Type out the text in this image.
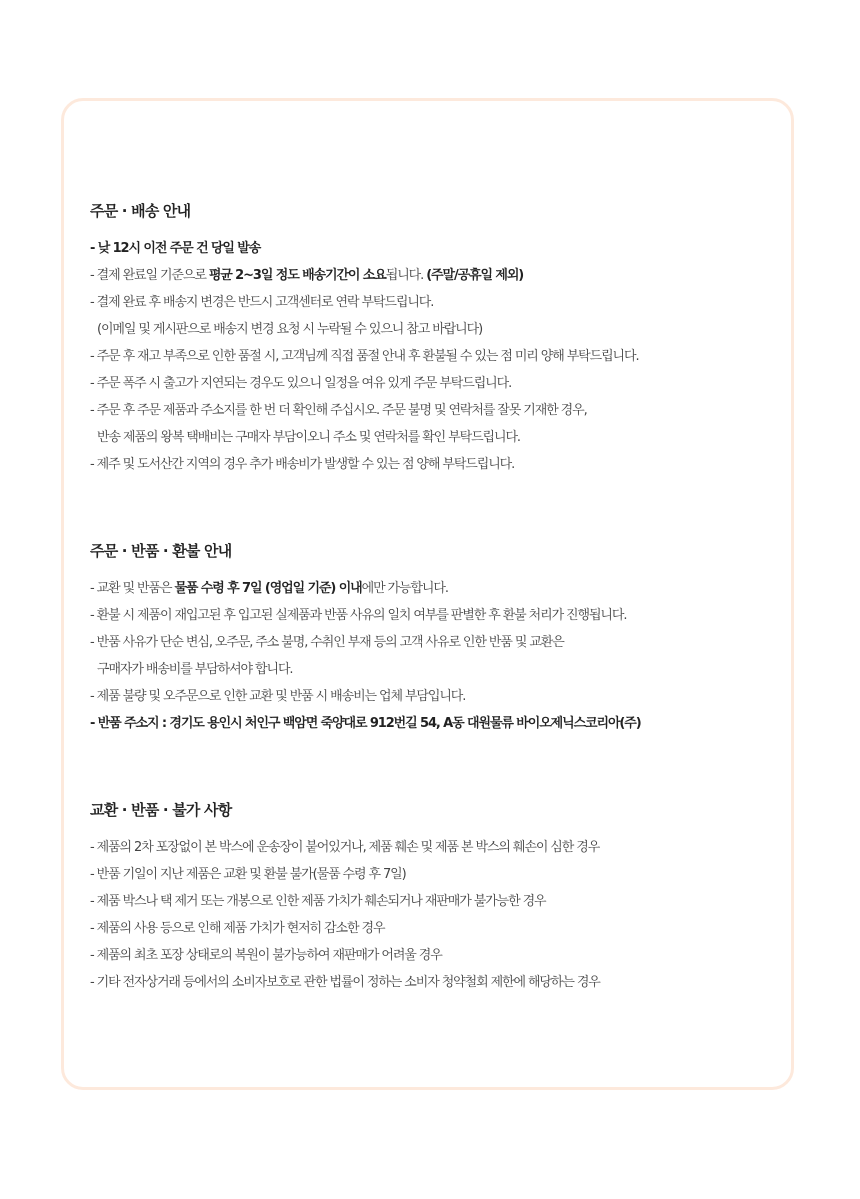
주문 · 배송 안내
- 낮 12시 이전 주문 건 당일 발송
- 결제 완료일 기준으로 평균 2~3일 정도 배송기간이 소요됩니다. (주말/공휴일 제외)
- 결제 완료 후 배송지 변경은 반드시 고객센터로 연락 부탁드립니다.
(이메일 및 게시판으로 배송지 변경 요청 시 누락될 수 있으니 참고 바랍니다)
- 주문 후 재고 부족으로 인한 품절 시, 고객님께 직접 품절 안내 후 환불될 수 있는 점 미리 양해 부탁드립니다.
- 주문 폭주 시 출고가 지연되는 경우도 있으니 일정을 여유 있게 주문 부탁드립니다.
- 주문 후 주문 제품과 주소지를 한 번 더 확인해 주십시오. 주문 불명 및 연락처를 잘못 기재한 경우,
반송 제품의 왕복 택배비는 구매자 부담이오니 주소 및 연락처를 확인 부탁드립니다.
- 제주 및 도서산간 지역의 경우 추가 배송비가 발생할 수 있는 점 양해 부탁드립니다.
주문 · 반품 · 환불 안내
- 교환 및 반품은 물품 수령 후 7일 (영업일 기준) 이내에만 가능합니다.
- 환불 시 제품이 재입고된 후 입고된 실제품과 반품 사유의 일치 여부를 판별한 후 환불 처리가 진행됩니다.
- 반품 사유가 단순 변심, 오주문, 주소 불명, 수취인 부재 등의 고객 사유로 인한 반품 및 교환은
구매자가 배송비를 부담하셔야 합니다.
- 제품 불량 및 오주문으로 인한 교환 및 반품 시 배송비는 업체 부담입니다.
- 반품 주소지 : 경기도 용인시 처인구 백암면 죽양대로 912번길 54, A동 대원물류 바이오제닉스코리아(주)
교환 · 반품 · 불가 사항
- 제품의 2차 포장없이 본 박스에 운송장이 붙어있거나, 제품 훼손 및 제품 본 박스의 훼손이 심한 경우
- 반품 기일이 지난 제품은 교환 및 환불 불가(물품 수령 후 7일)
- 제품 박스나 택 제거 또는 개봉으로 인한 제품 가치가 훼손되거나 재판매가 불가능한 경우
- 제품의 사용 등으로 인해 제품 가치가 현저히 감소한 경우
- 제품의 최초 포장 상태로의 복원이 불가능하여 재판매가 어려울 경우
- 기타 전자상거래 등에서의 소비자보호로 관한 법률이 정하는 소비자 청약철회 제한에 해당하는 경우
